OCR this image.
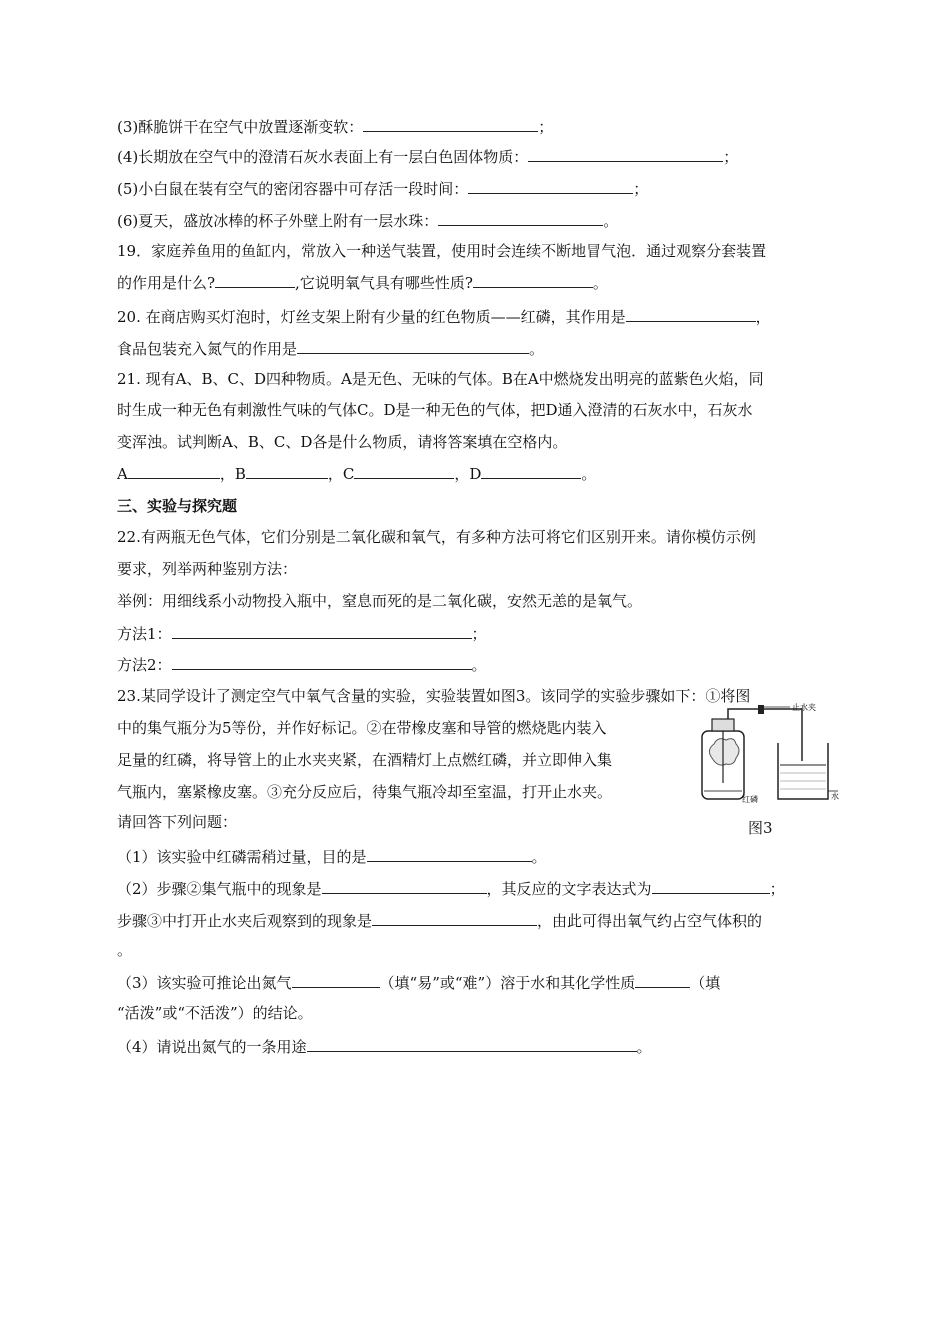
(3)酥脆饼干在空气中放置逐渐变软：	；
(4)长期放在空气中的澄清石灰水表面上有一层白色固体物质：	；
(5)小白鼠在装有空气的密闭容器中可存活一段时间：	；
(6)夏天，盛放冰棒的杯子外壁上附有一层水珠：	。
19．家庭养鱼用的鱼缸内，常放入一种送气装置，使用时会连续不断地冒气泡．通过观察分套装置
的作用是什么?	,它说明氧气具有哪些性质?	。
20. 在商店购买灯泡时，灯丝支架上附有少量的红色物质——红磷，其作用是	，
食品包装充入氮气的作用是	。
21. 现有A、B、C、D四种物质。A是无色、无味的气体。B在A中燃烧发出明亮的蓝紫色火焰，同
时生成一种无色有刺激性气味的气体C。D是一种无色的气体，把D通入澄清的石灰水中，石灰水
变浑浊。试判断A、B、C、D各是什么物质，请将答案填在空格内。
A	，B	，C	，D	。
三、实验与探究题
22.有两瓶无色气体，它们分别是二氧化碳和氧气，有多种方法可将它们区别开来。请你模仿示例
要求，列举两种鉴别方法：
举例：用细线系小动物投入瓶中，窒息而死的是二氧化碳，安然无恙的是氧气。
方法1：	；
方法2：	。
23.某同学设计了测定空气中氧气含量的实验，实验装置如图3。该同学的实验步骤如下：①将图
中的集气瓶分为5等份，并作好标记。②在带橡皮塞和导管的燃烧匙内装入
足量的红磷，将导管上的止水夹夹紧，在酒精灯上点燃红磷，并立即伸入集
气瓶内，塞紧橡皮塞。③充分反应后，待集气瓶冷却至室温，打开止水夹。
请回答下列问题：
止水夹
水
红磷
图3
（1）该实验中红磷需稍过量，目的是	。
（2）步骤②集气瓶中的现象是	，其反应的文字表达式为	；
步骤③中打开止水夹后观察到的现象是	，由此可得出氧气约占空气体积的
。
（3）该实验可推论出氮气	（填“易”或“难”）溶于水和其化学性质	（填
“活泼”或“不活泼”）的结论。
（4）请说出氮气的一条用途	。
